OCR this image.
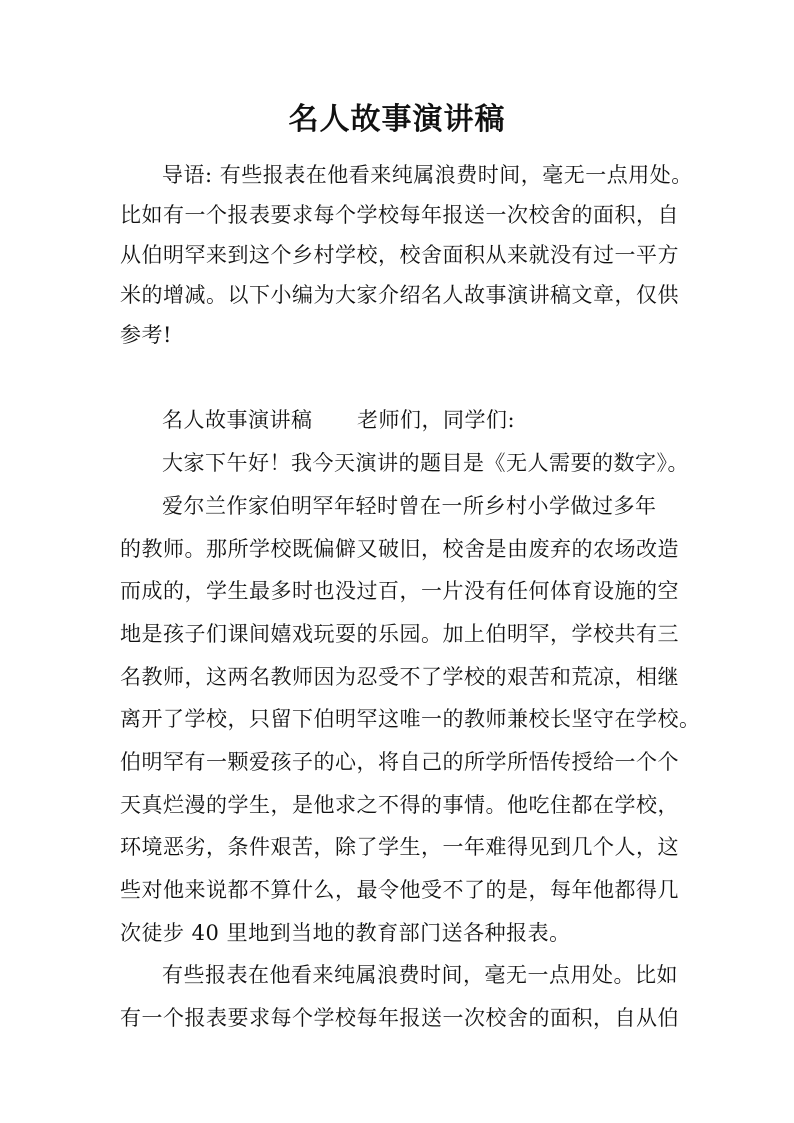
名人故事演讲稿
导语: 有些报表在他看来纯属浪费时间，毫无一点用处。
比如有一个报表要求每个学校每年报送一次校舍的面积，自
从伯明罕来到这个乡村学校，校舍面积从来就没有过一平方
米的增减。以下小编为大家介绍名人故事演讲稿文章，仅供
参考!
名人故事演讲稿 老师们，同学们:
大家下午好！我今天演讲的题目是《无人需要的数字》。
爱尔兰作家伯明罕年轻时曾在一所乡村小学做过多年
的教师。那所学校既偏僻又破旧，校舍是由废弃的农场改造
而成的，学生最多时也没过百，一片没有任何体育设施的空
地是孩子们课间嬉戏玩耍的乐园。加上伯明罕，学校共有三
名教师，这两名教师因为忍受不了学校的艰苦和荒凉，相继
离开了学校，只留下伯明罕这唯一的教师兼校长坚守在学校。
伯明罕有一颗爱孩子的心，将自己的所学所悟传授给一个个
天真烂漫的学生，是他求之不得的事情。他吃住都在学校，
环境恶劣，条件艰苦，除了学生，一年难得见到几个人，这
些对他来说都不算什么，最令他受不了的是，每年他都得几
次徒步 40 里地到当地的教育部门送各种报表。
有些报表在他看来纯属浪费时间，毫无一点用处。比如
有一个报表要求每个学校每年报送一次校舍的面积，自从伯
